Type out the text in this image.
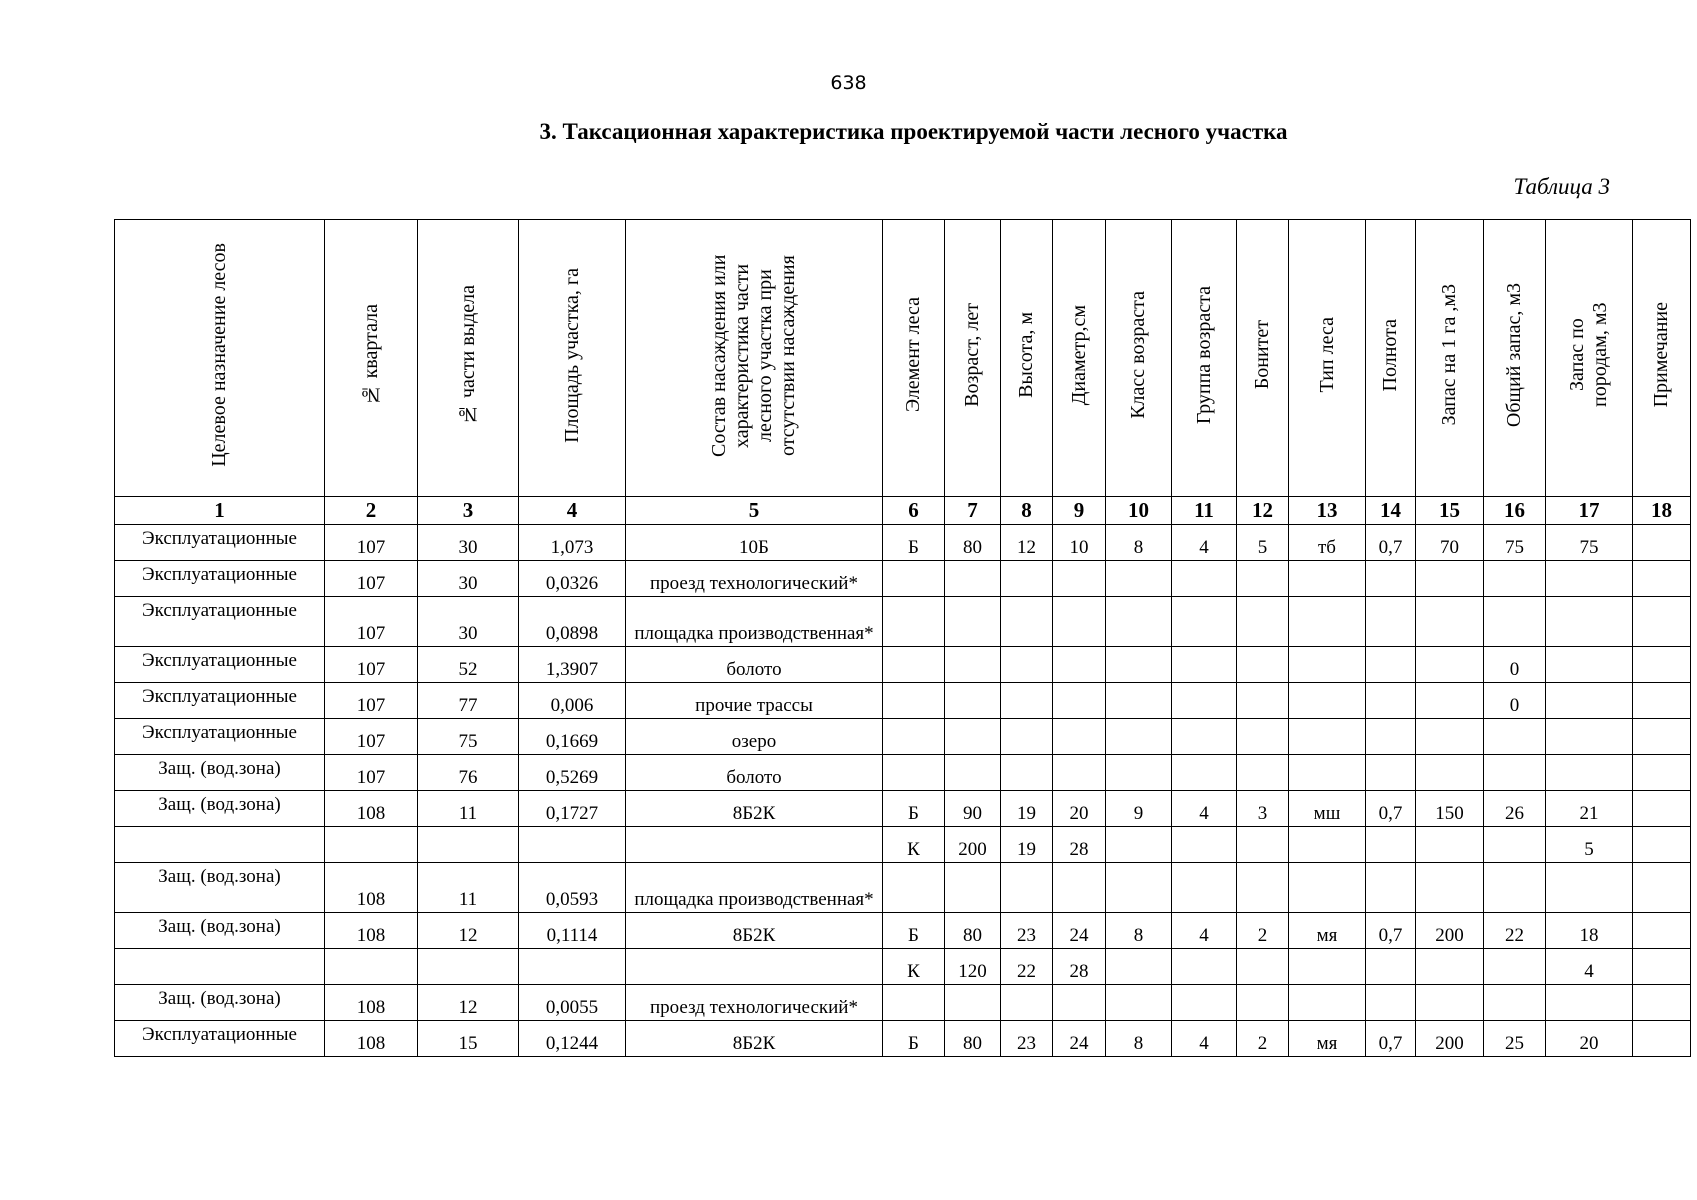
638
3. Таксационная характеристика проектируемой части лесного участка
Таблица 3
Целевое назначение лесов	№ квартала	№ части выдела	Площадь участка, га	Состав насаждения или характеристика части лесного участка при отсутствии насаждения	Элемент леса	Возраст, лет	Высота, м	Диаметр,см	Класс возраста	Группа возраста	Бонитет	Тип леса	Полнота	Запас на 1 га ,м3	Общий запас, м3	Запас по породам, м3	Примечание
1	2	3	4	5	6	7	8	9	10	11	12	13	14	15	16	17	18
Эксплуатационные	107	30	1,073	10Б	Б	80	12	10	8	4	5	тб	0,7	70	75	75	
Эксплуатационные	107	30	0,0326	проезд технологический*													
Эксплуатационные	107	30	0,0898	площадка производственная*													
Эксплуатационные	107	52	1,3907	болото											0		
Эксплуатационные	107	77	0,006	прочие трассы											0		
Эксплуатационные	107	75	0,1669	озеро													
Защ. (вод.зона)	107	76	0,5269	болото													
Защ. (вод.зона)	108	11	0,1727	8Б2К	Б	90	19	20	9	4	3	мш	0,7	150	26	21	
					К	200	19	28								5	
Защ. (вод.зона)	108	11	0,0593	площадка производственная*													
Защ. (вод.зона)	108	12	0,1114	8Б2К	Б	80	23	24	8	4	2	мя	0,7	200	22	18	
					К	120	22	28								4	
Защ. (вод.зона)	108	12	0,0055	проезд технологический*													
Эксплуатационные	108	15	0,1244	8Б2К	Б	80	23	24	8	4	2	мя	0,7	200	25	20	
